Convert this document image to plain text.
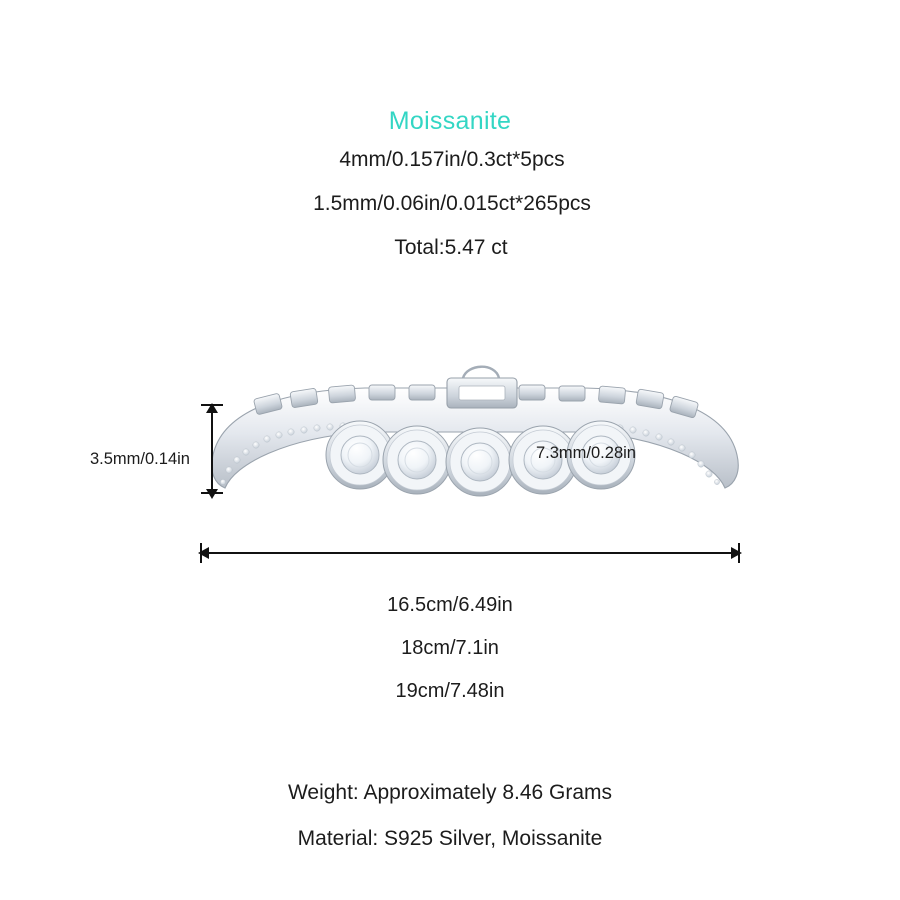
Moissanite
4mm/0.157in/0.3ct*5pcs
1.5mm/0.06in/0.015ct*265pcs
Total:5.47 ct
3.5mm/0.14in	7.3mm/0.28in
16.5cm/6.49in
18cm/7.1in
19cm/7.48in
Weight: Approximately 8.46 Grams
Material: S925 Silver, Moissanite
